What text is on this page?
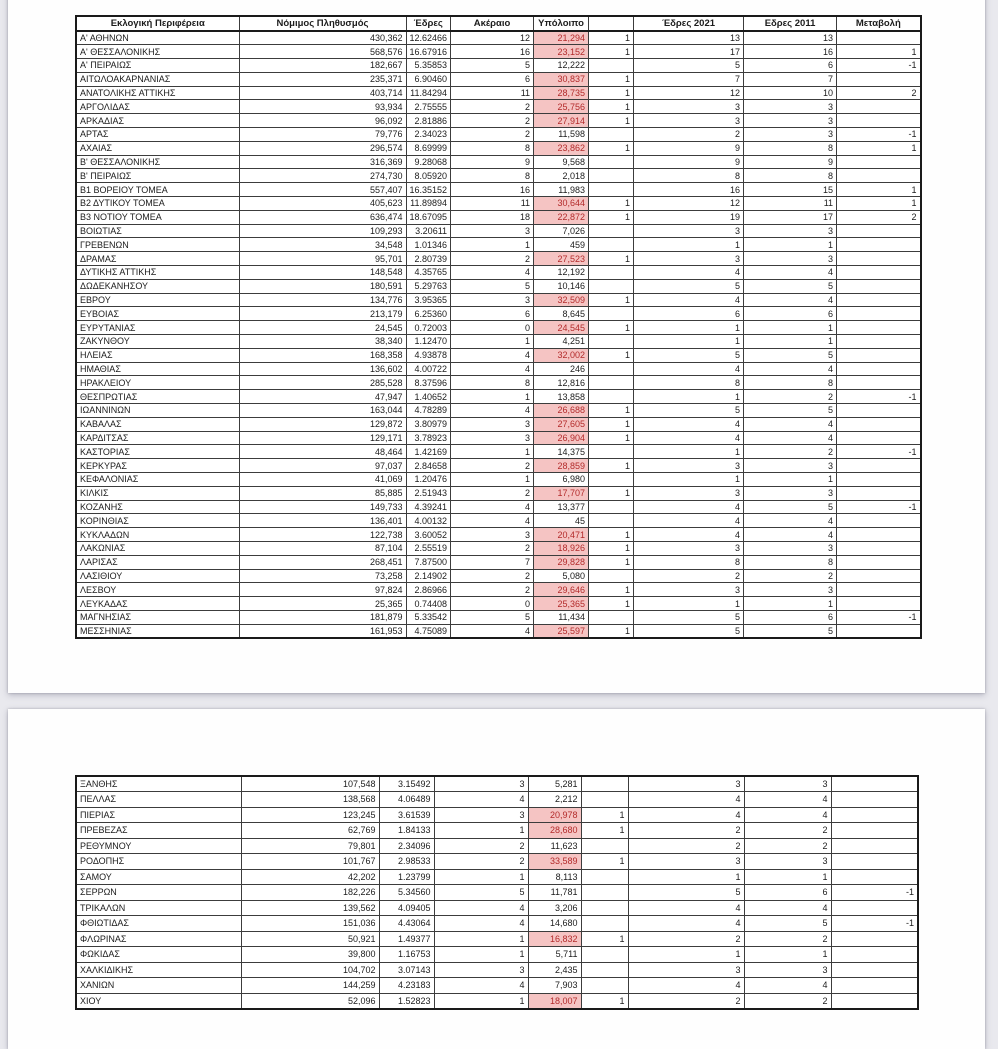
Εκλογική Περιφέρεια	Νόμιμος Πληθυσμός	Έδρες	Ακέραιο	Υπόλοιπο		Έδρες 2021	Εδρες 2011	Μεταβολή
Α' ΑΘΗΝΩΝ	430,362	12.62466	12	21,294	1	13	13	
Α' ΘΕΣΣΑΛΟΝΙΚΗΣ	568,576	16.67916	16	23,152	1	17	16	1
Α' ΠΕΙΡΑΙΩΣ	182,667	5.35853	5	12,222		5	6	-1
ΑΙΤΩΛΟΑΚΑΡΝΑΝΙΑΣ	235,371	6.90460	6	30,837	1	7	7	
ΑΝΑΤΟΛΙΚΗΣ ΑΤΤΙΚΗΣ	403,714	11.84294	11	28,735	1	12	10	2
ΑΡΓΟΛΙΔΑΣ	93,934	2.75555	2	25,756	1	3	3	
ΑΡΚΑΔΙΑΣ	96,092	2.81886	2	27,914	1	3	3	
ΑΡΤΑΣ	79,776	2.34023	2	11,598		2	3	-1
ΑΧΑΙΑΣ	296,574	8.69999	8	23,862	1	9	8	1
Β' ΘΕΣΣΑΛΟΝΙΚΗΣ	316,369	9.28068	9	9,568		9	9	
Β' ΠΕΙΡΑΙΩΣ	274,730	8.05920	8	2,018		8	8	
Β1 ΒΟΡΕΙΟΥ ΤΟΜΕΑ	557,407	16.35152	16	11,983		16	15	1
Β2 ΔΥΤΙΚΟΥ ΤΟΜΕΑ	405,623	11.89894	11	30,644	1	12	11	1
Β3 ΝΟΤΙΟΥ ΤΟΜΕΑ	636,474	18.67095	18	22,872	1	19	17	2
ΒΟΙΩΤΙΑΣ	109,293	3.20611	3	7,026		3	3	
ΓΡΕΒΕΝΩΝ	34,548	1.01346	1	459		1	1	
ΔΡΑΜΑΣ	95,701	2.80739	2	27,523	1	3	3	
ΔΥΤΙΚΗΣ ΑΤΤΙΚΗΣ	148,548	4.35765	4	12,192		4	4	
ΔΩΔΕΚΑΝΗΣΟΥ	180,591	5.29763	5	10,146		5	5	
ΕΒΡΟΥ	134,776	3.95365	3	32,509	1	4	4	
ΕΥΒΟΙΑΣ	213,179	6.25360	6	8,645		6	6	
ΕΥΡΥΤΑΝΙΑΣ	24,545	0.72003	0	24,545	1	1	1	
ΖΑΚΥΝΘΟΥ	38,340	1.12470	1	4,251		1	1	
ΗΛΕΙΑΣ	168,358	4.93878	4	32,002	1	5	5	
ΗΜΑΘΙΑΣ	136,602	4.00722	4	246		4	4	
ΗΡΑΚΛΕΙΟΥ	285,528	8.37596	8	12,816		8	8	
ΘΕΣΠΡΩΤΙΑΣ	47,947	1.40652	1	13,858		1	2	-1
ΙΩΑΝΝΙΝΩΝ	163,044	4.78289	4	26,688	1	5	5	
ΚΑΒΑΛΑΣ	129,872	3.80979	3	27,605	1	4	4	
ΚΑΡΔΙΤΣΑΣ	129,171	3.78923	3	26,904	1	4	4	
ΚΑΣΤΟΡΙΑΣ	48,464	1.42169	1	14,375		1	2	-1
ΚΕΡΚΥΡΑΣ	97,037	2.84658	2	28,859	1	3	3	
ΚΕΦΑΛΟΝΙΑΣ	41,069	1.20476	1	6,980		1	1	
ΚΙΛΚΙΣ	85,885	2.51943	2	17,707	1	3	3	
ΚΟΖΑΝΗΣ	149,733	4.39241	4	13,377		4	5	-1
ΚΟΡΙΝΘΙΑΣ	136,401	4.00132	4	45		4	4	
ΚΥΚΛΑΔΩΝ	122,738	3.60052	3	20,471	1	4	4	
ΛΑΚΩΝΙΑΣ	87,104	2.55519	2	18,926	1	3	3	
ΛΑΡΙΣΑΣ	268,451	7.87500	7	29,828	1	8	8	
ΛΑΣΙΘΙΟΥ	73,258	2.14902	2	5,080		2	2	
ΛΕΣΒΟΥ	97,824	2.86966	2	29,646	1	3	3	
ΛΕΥΚΑΔΑΣ	25,365	0.74408	0	25,365	1	1	1	
ΜΑΓΝΗΣΙΑΣ	181,879	5.33542	5	11,434		5	6	-1
ΜΕΣΣΗΝΙΑΣ	161,953	4.75089	4	25,597	1	5	5	
ΞΑΝΘΗΣ	107,548	3.15492	3	5,281		3	3	
ΠΕΛΛΑΣ	138,568	4.06489	4	2,212		4	4	
ΠΙΕΡΙΑΣ	123,245	3.61539	3	20,978	1	4	4	
ΠΡΕΒΕΖΑΣ	62,769	1.84133	1	28,680	1	2	2	
ΡΕΘΥΜΝΟΥ	79,801	2.34096	2	11,623		2	2	
ΡΟΔΟΠΗΣ	101,767	2.98533	2	33,589	1	3	3	
ΣΑΜΟΥ	42,202	1.23799	1	8,113		1	1	
ΣΕΡΡΩΝ	182,226	5.34560	5	11,781		5	6	-1
ΤΡΙΚΑΛΩΝ	139,562	4.09405	4	3,206		4	4	
ΦΘΙΩΤΙΔΑΣ	151,036	4.43064	4	14,680		4	5	-1
ΦΛΩΡΙΝΑΣ	50,921	1.49377	1	16,832	1	2	2	
ΦΩΚΙΔΑΣ	39,800	1.16753	1	5,711		1	1	
ΧΑΛΚΙΔΙΚΗΣ	104,702	3.07143	3	2,435		3	3	
ΧΑΝΙΩΝ	144,259	4.23183	4	7,903		4	4	
ΧΙΟΥ	52,096	1.52823	1	18,007	1	2	2	
